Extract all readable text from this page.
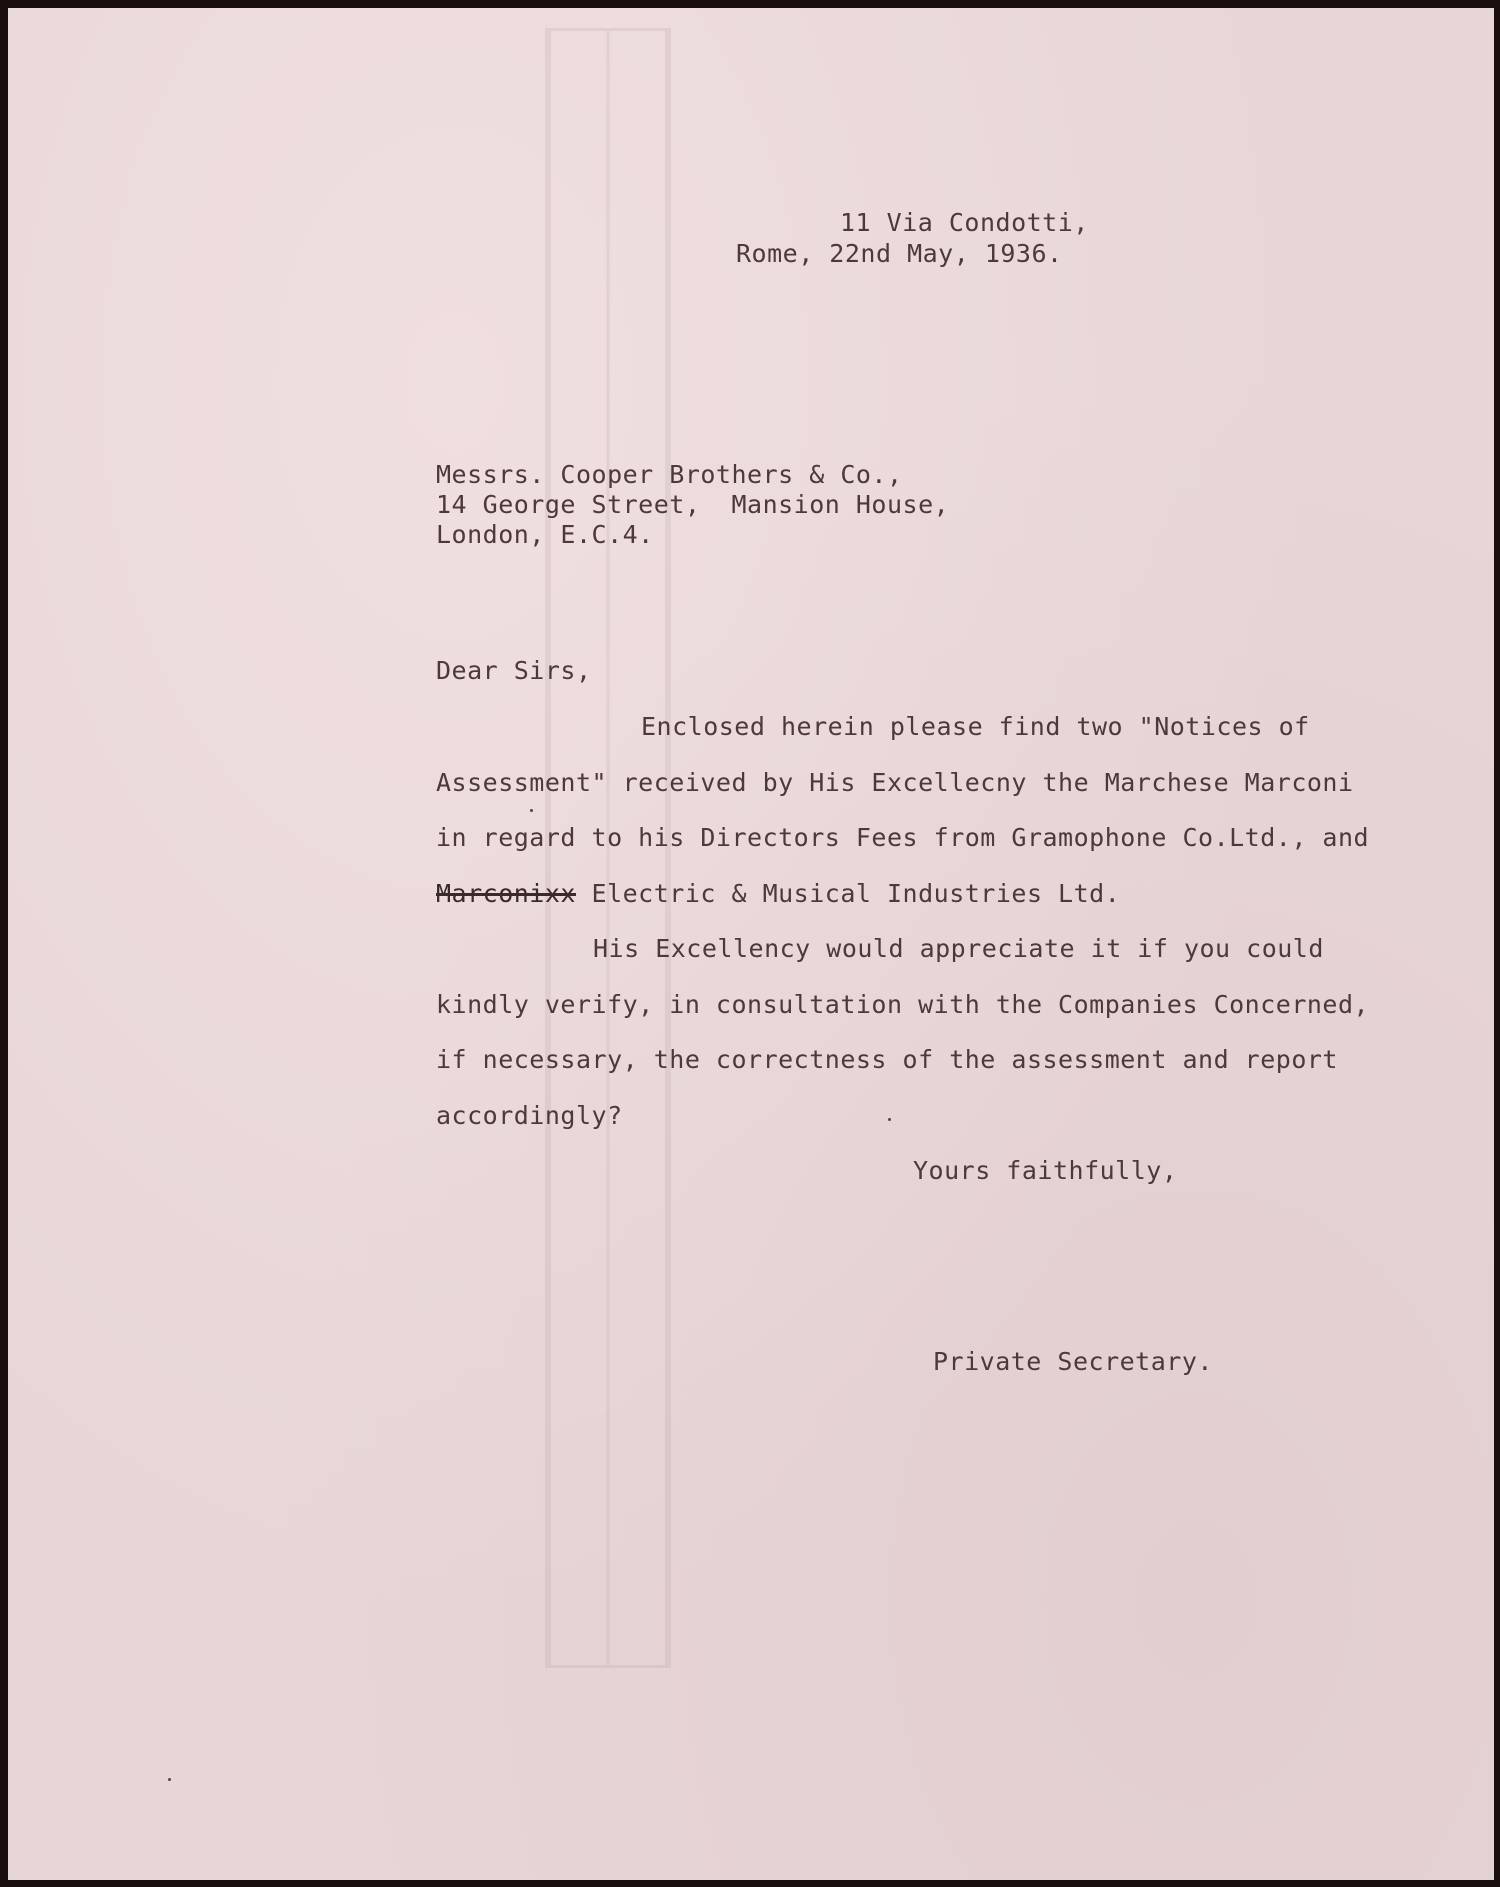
11 Via Condotti,

Rome, 22nd May, 1936.

Messrs. Cooper Brothers & Co.,

14 George Street,  Mansion House,

London, E.C.4.

Dear Sirs,

Enclosed herein please find two "Notices of

Assessment" received by His Excellecny the Marchese Marconi

in regard to his Directors Fees from Gramophone Co.Ltd., and

Marconixx Electric & Musical Industries Ltd.

His Excellency would appreciate it if you could

kindly verify, in consultation with the Companies Concerned,

if necessary, the correctness of the assessment and report

accordingly?

Yours faithfully,

Private Secretary.
